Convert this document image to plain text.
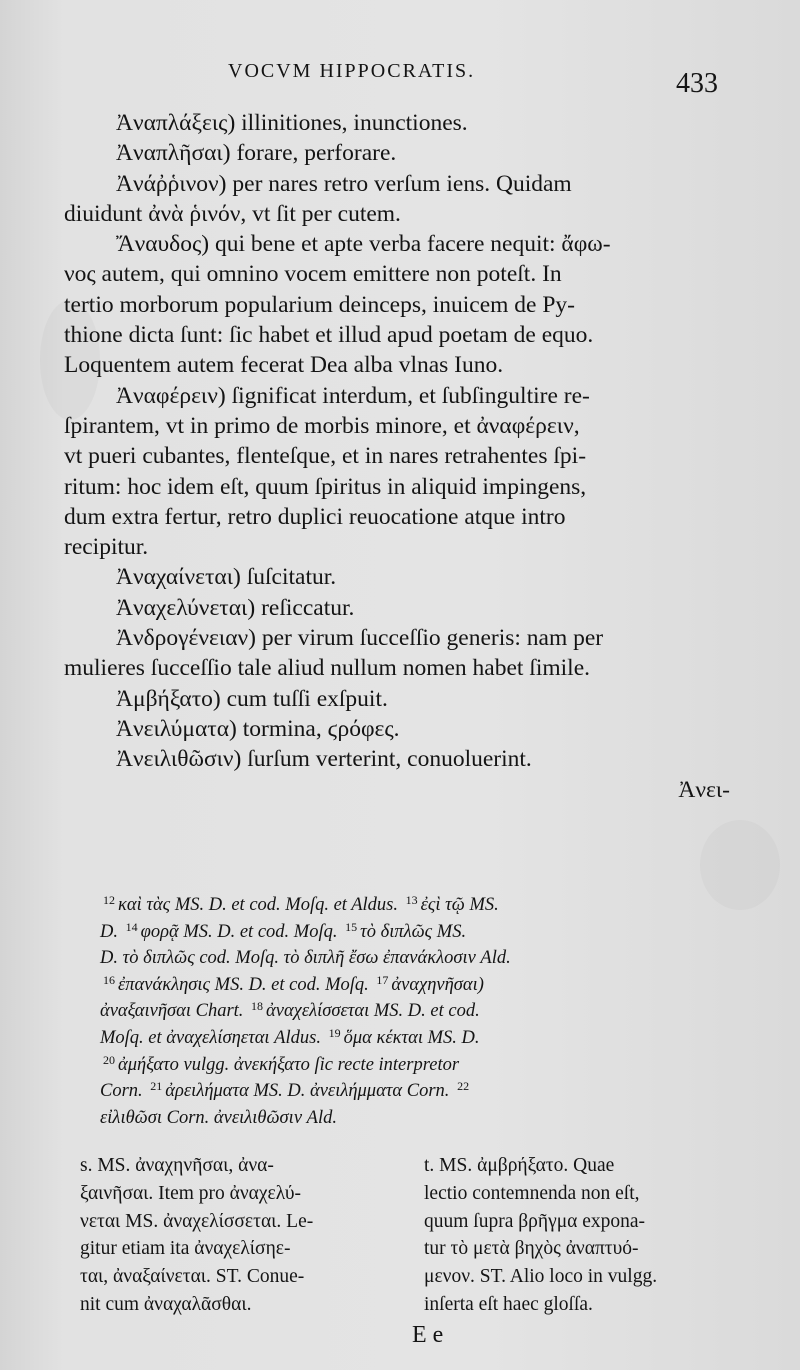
VOCVM HIPPOCRATIS.	433
Ἀναπλάξεις) illinitiones, inunctiones.
Ἀναπλῆσαι) forare, perforare.
Ἀνάῤῥινον) per nares retro verſum iens. Quidam
diuidunt ἀνὰ ῥινόν, vt ſit per cutem.
Ἄναυδος) qui bene et apte verba facere nequit: ἄφω-
νος autem, qui omnino vocem emittere non poteſt. In
tertio morborum popularium deinceps, inuicem de Py-
thione dicta ſunt: ſic habet et illud apud poetam de equo.
Loquentem autem fecerat Dea alba vlnas Iuno.
Ἀναφέρειν) ſignificat interdum, et ſubſingultire re-
ſpirantem, vt in primo de morbis minore, et ἀναφέρειν,
vt pueri cubantes, flenteſque, et in nares retrahentes ſpi-
ritum: hoc idem eſt, quum ſpiritus in aliquid impingens,
dum extra fertur, retro duplici reuocatione atque intro
recipitur.
Ἀναχαίνεται) ſuſcitatur.
Ἀναχελύνεται) reſiccatur.
Ἀνδρογένειαν) per virum ſucceſſio generis: nam per
mulieres ſucceſſio tale aliud nullum nomen habet ſimile.
Ἀμβήξατο) cum tuſſi exſpuit.
Ἀνειλύματα) tormina, ϛρόφες.
Ἀνειλιθῶσιν) ſurſum verterint, conuoluerint.
Ἀνει-
$^{12}$ καὶ τὰς MS. D. et cod. Moſq. et Aldus. $^{13}$ ἐςὶ τῷ MS.
D. $^{14}$ φορᾷ MS. D. et cod. Moſq. $^{15}$ τὸ διπλῶς MS.
D. τὸ διπλῶς cod. Moſq. τὸ διπλῆ ἔσω ἐπανάκλοσιν Ald.
$^{16}$ ἐπανάκλησις MS. D. et cod. Moſq. $^{17}$ ἀναχηνῆσαι)
ἀναξαινῆσαι Chart. $^{18}$ ἀναχελίσσεται MS. D. et cod.
Moſq. et ἀναχελίσηεται Aldus. $^{19}$ ὅμα κέκται MS. D.
$^{20}$ ἀμήξατο vulgg. ἀνεκήξατο ſic recte interpretor
Corn. $^{21}$ ἀρειλήματα MS. D. ἀνειλήμματα Corn. $^{22}$
εἰλιθῶσι Corn. ἀνειλιθῶσιν Ald.
s. MS. ἀναχηνῆσαι, ἀνα-
ξαινῆσαι. Item pro ἀναχελύ-
νεται MS. ἀναχελίσσεται. Le-
gitur etiam ita ἀναχελίσηε-
ται, ἀναξαίνεται. ST. Conue-
nit cum ἀναχαλᾶσθαι.
t. MS. ἀμβρήξατο. Quae
lectio contemnenda non eſt,
quum ſupra βρῆγμα expona-
tur τὸ μετὰ βηχὸς ἀναπτυό-
μενον. ST. Alio loco in vulgg.
inſerta eſt haec gloſſa.
E e
